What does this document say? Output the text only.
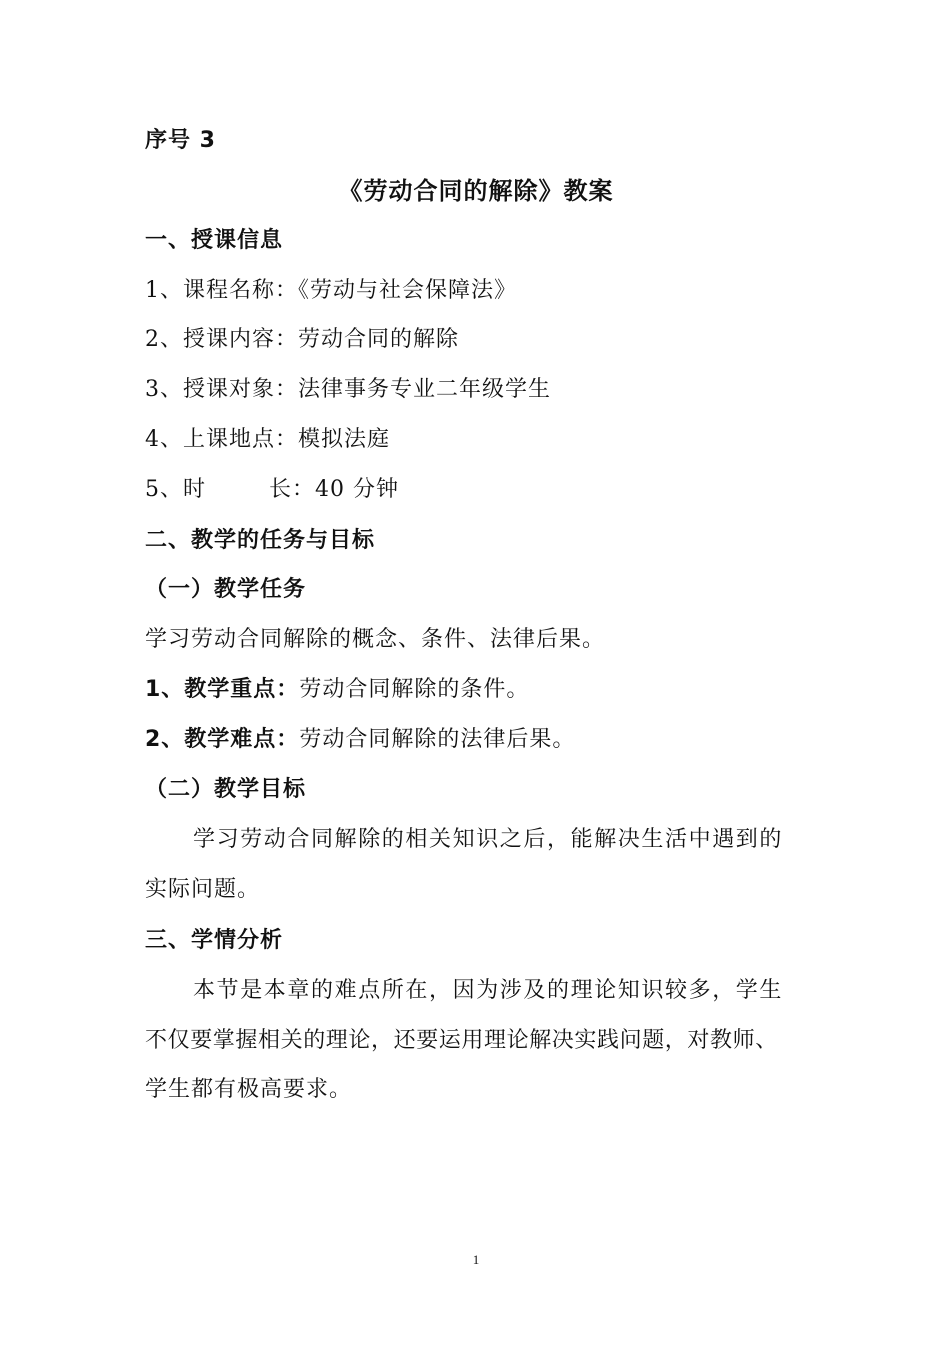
序号 3
《劳动合同的解除》教案
一、授课信息
1、课程名称：《劳动与社会保障法》
2、授课内容：劳动合同的解除
3、授课对象：法律事务专业二年级学生
4、上课地点：模拟法庭
5、时	长：40 分钟
二、教学的任务与目标
（一）教学任务
学习劳动合同解除的概念、条件、法律后果。
1、教学重点：劳动合同解除的条件。
2、教学难点：劳动合同解除的法律后果。
（二）教学目标
学习劳动合同解除的相关知识之后，能解决生活中遇到的
实际问题。
三、学情分析
本节是本章的难点所在，因为涉及的理论知识较多，学生
不仅要掌握相关的理论，还要运用理论解决实践问题，对教师、
学生都有极高要求。
1
